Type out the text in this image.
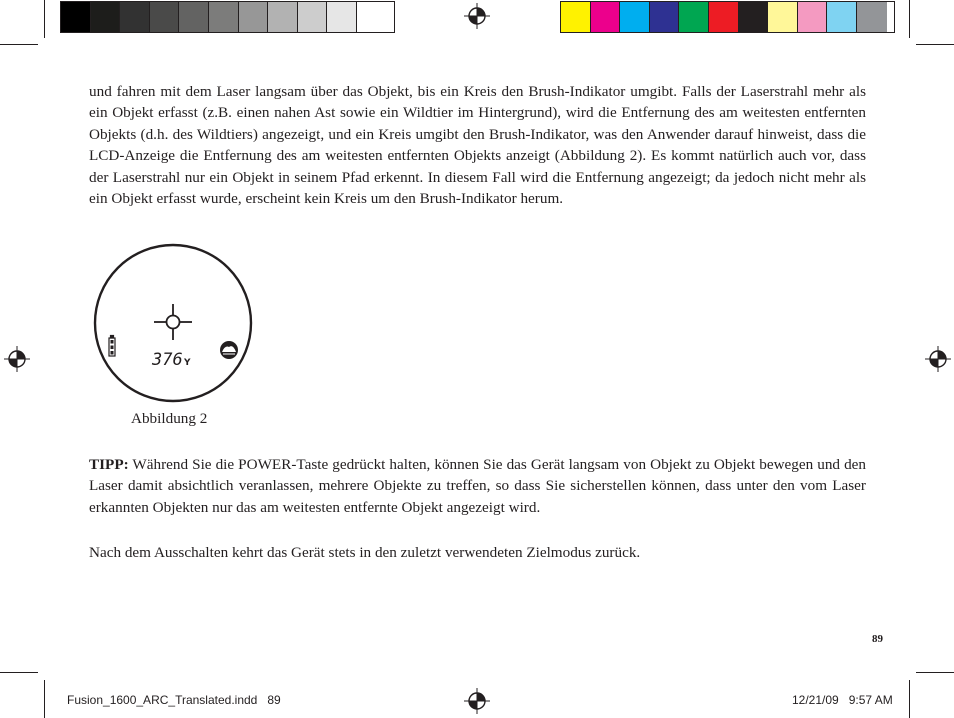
und fahren mit dem Laser langsam über das Objekt, bis ein Kreis den Brush-Indikator umgibt. Falls der Laserstrahl mehr als ein Objekt erfasst (z.B. einen nahen Ast sowie ein Wildtier im Hintergrund), wird die Entfernung des am weitesten entfernten Objekts (d.h. des Wildtiers) angezeigt, und ein Kreis umgibt den Brush-Indikator, was den Anwender darauf hinweist, dass die LCD-Anzeige die Entfernung des am weitesten entfernten Objekts anzeigt (Abbildung 2). Es kommt natürlich auch vor, dass der Laserstrahl nur ein Objekt in seinem Pfad erkennt. In diesem Fall wird die Entfernung angezeigt; da jedoch nicht mehr als ein Objekt erfasst wurde, erscheint kein Kreis um den Brush-Indikator herum.

376 Y
Abbildung 2

TIPP: Während Sie die POWER-Taste gedrückt halten, können Sie das Gerät langsam von Objekt zu Objekt bewegen und den Laser damit absichtlich veranlassen, mehrere Objekte zu treffen, so dass Sie sicherstellen können, dass unter den vom Laser erkannten Objekten nur das am weitesten entfernte Objekt angezeigt wird.

Nach dem Ausschalten kehrt das Gerät stets in den zuletzt verwendeten Zielmodus zurück.

89
Fusion_1600_ARC_Translated.indd   89	12/21/09   9:57 AM
